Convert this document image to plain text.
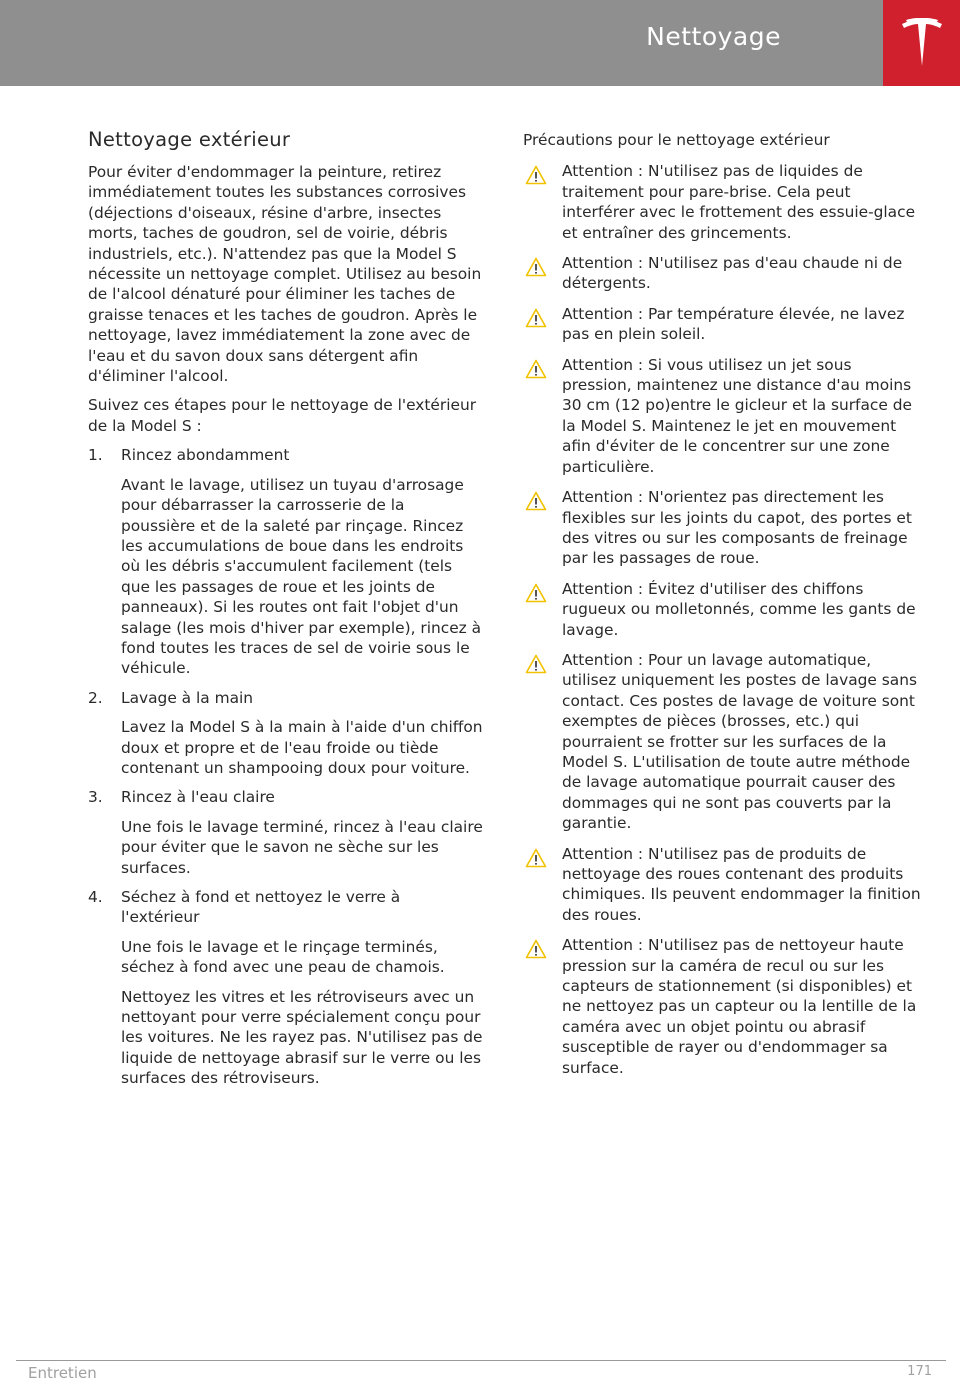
Nettoyage
Nettoyage extérieur

Pour éviter d'endommager la peinture, retirez immédiatement toutes les substances corrosives (déjections d'oiseaux, résine d'arbre, insectes morts, taches de goudron, sel de voirie, débris industriels, etc.). N'attendez pas que la Model S nécessite un nettoyage complet. Utilisez au besoin de l'alcool dénaturé pour éliminer les taches de graisse tenaces et les taches de goudron. Après le nettoyage, lavez immédiatement la zone avec de l'eau et du savon doux sans détergent afin d'éliminer l'alcool.

Suivez ces étapes pour le nettoyage de l'extérieur de la Model S :

1. Rincez abondamment
Avant le lavage, utilisez un tuyau d'arrosage pour débarrasser la carrosserie de la poussière et de la saleté par rinçage. Rincez les accumulations de boue dans les endroits où les débris s'accumulent facilement (tels que les passages de roue et les joints de panneaux). Si les routes ont fait l'objet d'un salage (les mois d'hiver par exemple), rincez à fond toutes les traces de sel de voirie sous le véhicule.
2. Lavage à la main
Lavez la Model S à la main à l'aide d'un chiffon doux et propre et de l'eau froide ou tiède contenant un shampooing doux pour voiture.
3. Rincez à l'eau claire
Une fois le lavage terminé, rincez à l'eau claire pour éviter que le savon ne sèche sur les surfaces.
4. Séchez à fond et nettoyez le verre à l'extérieur
Une fois le lavage et le rinçage terminés, séchez à fond avec une peau de chamois.
Nettoyez les vitres et les rétroviseurs avec un nettoyant pour verre spécialement conçu pour les voitures. Ne les rayez pas. N'utilisez pas de liquide de nettoyage abrasif sur le verre ou les surfaces des rétroviseurs.
Précautions pour le nettoyage extérieur
Attention : N'utilisez pas de liquides de traitement pour pare-brise. Cela peut interférer avec le frottement des essuie-glace et entraîner des grincements.
Attention : N'utilisez pas d'eau chaude ni de détergents.
Attention : Par température élevée, ne lavez pas en plein soleil.
Attention : Si vous utilisez un jet sous pression, maintenez une distance d'au moins 30 cm (12 po)entre le gicleur et la surface de la Model S. Maintenez le jet en mouvement afin d'éviter de le concentrer sur une zone particulière.
Attention : N'orientez pas directement les flexibles sur les joints du capot, des portes et des vitres ou sur les composants de freinage par les passages de roue.
Attention : Évitez d'utiliser des chiffons rugueux ou molletonnés, comme les gants de lavage.
Attention : Pour un lavage automatique, utilisez uniquement les postes de lavage sans contact. Ces postes de lavage de voiture sont exemptes de pièces (brosses, etc.) qui pourraient se frotter sur les surfaces de la Model S. L'utilisation de toute autre méthode de lavage automatique pourrait causer des dommages qui ne sont pas couverts par la garantie.
Attention : N'utilisez pas de produits de nettoyage des roues contenant des produits chimiques. Ils peuvent endommager la finition des roues.
Attention : N'utilisez pas de nettoyeur haute pression sur la caméra de recul ou sur les capteurs de stationnement (si disponibles) et ne nettoyez pas un capteur ou la lentille de la caméra avec un objet pointu ou abrasif susceptible de rayer ou d'endommager sa surface.
Entretien	171
